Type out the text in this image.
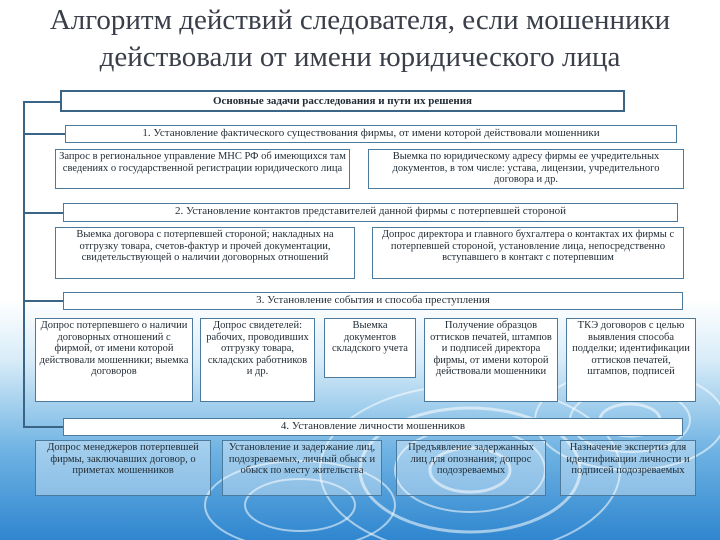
Алгоритм действий следователя, если мошенники действовали от имени юридического лица
Основные задачи расследования и пути их решения
1. Установление фактического существования фирмы, от имени которой действовали мошенники
Запрос в региональное управление МНС РФ об имеющихся там сведениях о государственной регистрации юридического лица
Выемка по юридическому адресу фирмы ее учредительных документов, в том числе: устава, лицензии, учредительного договора и др.
2. Установление контактов представителей данной фирмы с потерпевшей стороной
Выемка договора с потерпевшей стороной; накладных на отгрузку товара, счетов-фактур и прочей документации, свидетельствующей о наличии договорных отношений
Допрос директора и главного бухгалтера о контактах их фирмы с потерпевшей стороной, установление лица, непосредственно вступавшего в контакт с потерпевшим
3. Установление события и способа преступления
Допрос потерпевшего о наличии договорных отношений с фирмой, от имени которой действовали мошенники; выемка договоров
Допрос свидетелей: рабочих, проводивших отгрузку товара, складских работников и др.
Выемка документов складского учета
Получение образцов оттисков печатей, штампов и подписей директора фирмы, от имени которой действовали мошенники
ТКЭ договоров с целью выявления способа подделки; идентификации оттисков печатей, штампов, подписей
4. Установление личности мошенников
Допрос менеджеров потерпевшей фирмы, заключавших договор, о приметах мошенников
Установление и задержание лиц, подозреваемых, личный обыск и обыск по месту жительства
Предъявление задержанных лиц для опознания; допрос подозреваемых
Назначение экспертиз для идентификации личности и подписей подозреваемых
